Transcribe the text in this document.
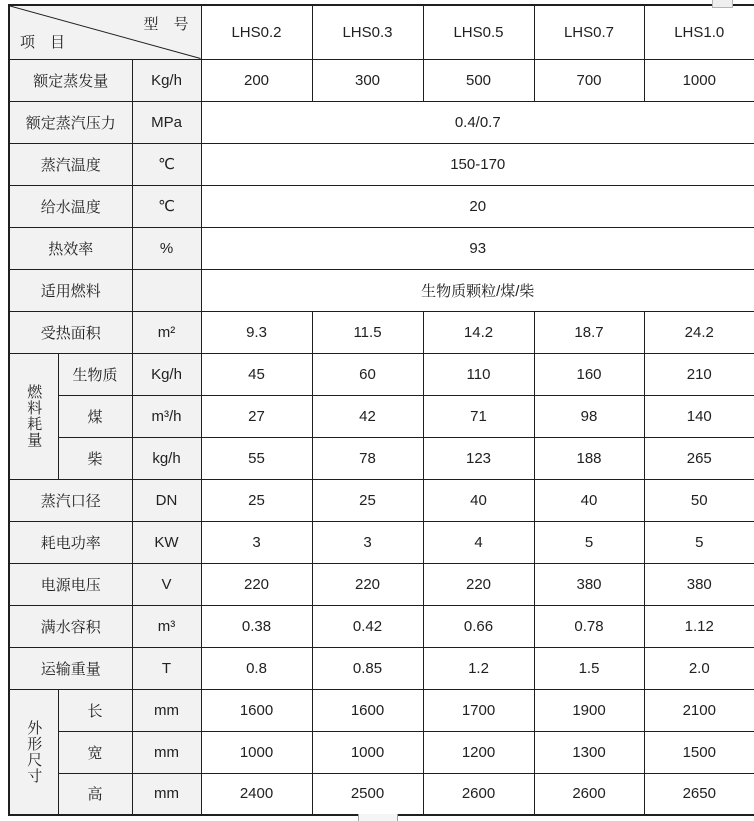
型　号
项　目			LHS0.2	LHS0.3	LHS0.5	LHS0.7	LHS1.0
额定蒸发量		Kg/h	200	300	500	700	1000
额定蒸汽压力		MPa	0.4/0.7				
蒸汽温度		℃	150-170				
给水温度		℃	20				
热效率		%	93				
适用燃料			生物质颗粒/煤/柴				
受热面积		m²	9.3	11.5	14.2	18.7	24.2
燃料耗量	生物质	Kg/h	45	60	110	160	210
	煤	m³/h	27	42	71	98	140
	柴	kg/h	55	78	123	188	265
蒸汽口径		DN	25	25	40	40	50
耗电功率		KW	3	3	4	5	5
电源电压		V	220	220	220	380	380
满水容积		m³	0.38	0.42	0.66	0.78	1.12
运输重量		T	0.8	0.85	1.2	1.5	2.0
外形尺寸	长	mm	1600	1600	1700	1900	2100
	宽	mm	1000	1000	1200	1300	1500
	高	mm	2400	2500	2600	2600	2650
